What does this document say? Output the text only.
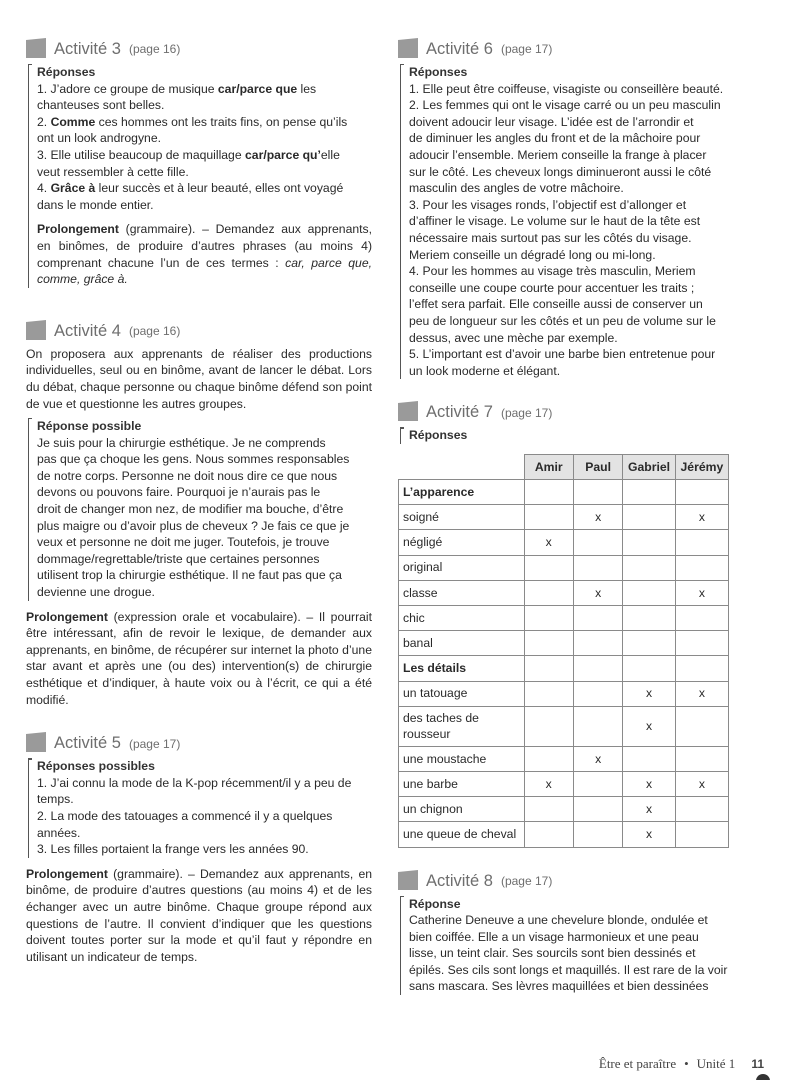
Activité 3 (page 16)
Réponses
1. J’adore ce groupe de musique car/parce que les
chanteuses sont belles.
2. Comme ces hommes ont les traits fins, on pense qu’ils
ont un look androgyne.
3. Elle utilise beaucoup de maquillage car/parce qu’elle
veut ressembler à cette fille.
4. Grâce à leur succès et à leur beauté, elles ont voyagé
dans le monde entier.

Prolongement (grammaire). – Demandez aux apprenants, en binômes, de produire d’autres phrases (au moins 4) comprenant chacune l’un de ces termes : car, parce que, comme, grâce à.

Activité 4 (page 16)

On proposera aux apprenants de réaliser des productions individuelles, seul ou en binôme, avant de lancer le débat. Lors du débat, chaque personne ou chaque binôme défend son point de vue et questionne les autres groupes.

Réponse possible
Je suis pour la chirurgie esthétique. Je ne comprends
pas que ça choque les gens. Nous sommes responsables
de notre corps. Personne ne doit nous dire ce que nous
devons ou pouvons faire. Pourquoi je n’aurais pas le
droit de changer mon nez, de modifier ma bouche, d’être
plus maigre ou d’avoir plus de cheveux ? Je fais ce que je
veux et personne ne doit me juger. Toutefois, je trouve
dommage/regrettable/triste que certaines personnes
utilisent trop la chirurgie esthétique. Il ne faut pas que ça
devienne une drogue.

Prolongement (expression orale et vocabulaire). – Il pourrait être intéressant, afin de revoir le lexique, de demander aux apprenants, en binôme, de récupérer sur internet la photo d’une star avant et après une (ou des) intervention(s) de chirurgie esthétique et d’indiquer, à haute voix ou à l’écrit, ce qui a été modifié.

Activité 5 (page 17)
Réponses possibles
1. J’ai connu la mode de la K-pop récemment/il y a peu de
temps.
2. La mode des tatouages a commencé il y a quelques
années.
3. Les filles portaient la frange vers les années 90.

Prolongement (grammaire). – Demandez aux apprenants, en binôme, de produire d’autres questions (au moins 4) et de les échanger avec un autre binôme. Chaque groupe répond aux questions de l’autre. Il convient d’indiquer que les questions doivent toutes porter sur la mode et qu’il faut y répondre en utilisant un indicateur de temps.

Activité 6 (page 17)
Réponses
1. Elle peut être coiffeuse, visagiste ou conseillère beauté.
2. Les femmes qui ont le visage carré ou un peu masculin
doivent adoucir leur visage. L’idée est de l’arrondir et
de diminuer les angles du front et de la mâchoire pour
adoucir l’ensemble. Meriem conseille la frange à placer
sur le côté. Les cheveux longs diminueront aussi le côté
masculin des angles de votre mâchoire.
3. Pour les visages ronds, l’objectif est d’allonger et
d’affiner le visage. Le volume sur le haut de la tête est
nécessaire mais surtout pas sur les côtés du visage.
Meriem conseille un dégradé long ou mi-long.
4. Pour les hommes au visage très masculin, Meriem
conseille une coupe courte pour accentuer les traits ;
l’effet sera parfait. Elle conseille aussi de conserver un
peu de longueur sur les côtés et un peu de volume sur le
dessus, avec une mèche par exemple.
5. L’important est d’avoir une barbe bien entretenue pour
un look moderne et élégant.
Activité 7 (page 17)
Réponses
	Amir	Paul	Gabriel	Jérémy
L’apparence				
soigné		x		x
négligé	x			
original				
classe		x		x
chic				
banal				
Les détails				
un tatouage			x	x
des taches de rousseur			x	
une moustache		x		
une barbe	x		x	x
un chignon			x	
une queue de cheval			x	
Activité 8 (page 17)
Réponse
Catherine Deneuve a une chevelure blonde, ondulée et
bien coiffée. Elle a un visage harmonieux et une peau
lisse, un teint clair. Ses sourcils sont bien dessinés et
épilés. Ses cils sont longs et maquillés. Il est rare de la voir
sans mascara. Ses lèvres maquillées et bien dessinées
Être et paraître • Unité 1 11
